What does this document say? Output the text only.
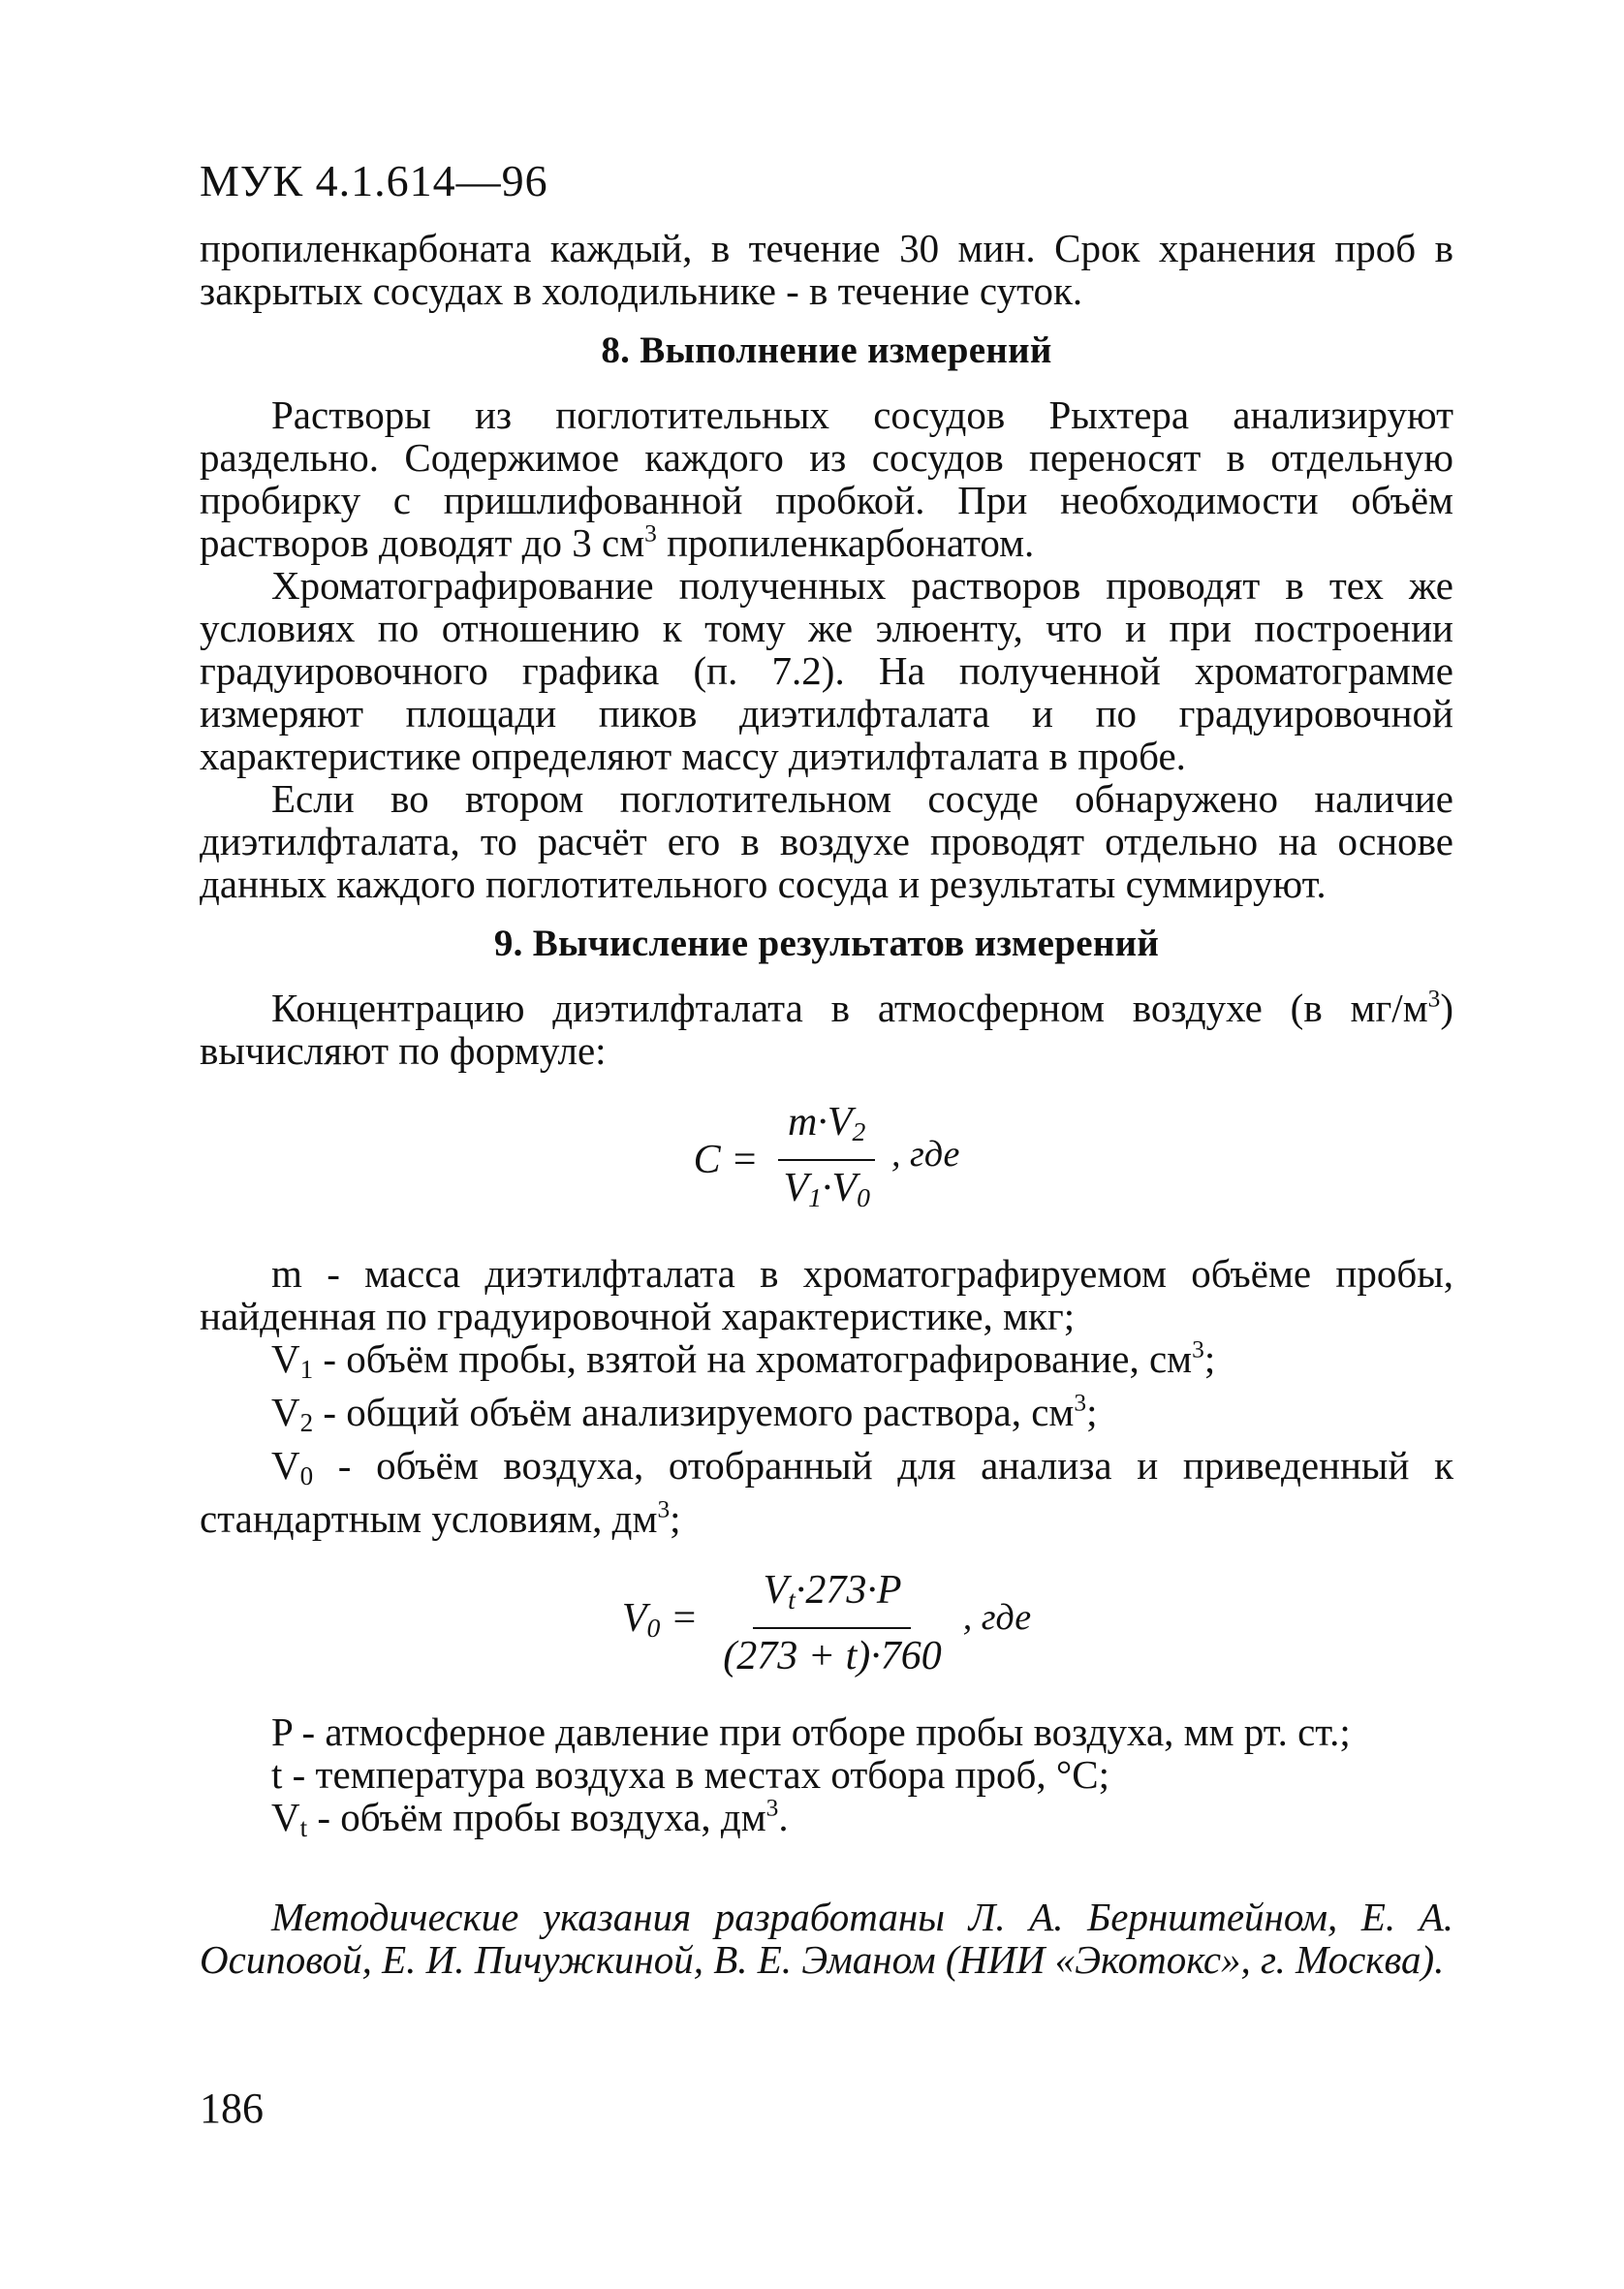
МУК 4.1.614—96

пропиленкарбоната каждый, в течение 30 мин. Срок хранения проб в закрытых сосудах в холодильнике - в течение суток.

8. Выполнение измерений

Растворы из поглотительных сосудов Рыхтера анализируют раздельно. Содержимое каждого из сосудов переносят в отдельную пробирку с пришлифованной пробкой. При необходимости объём растворов доводят до 3 $см^3$ пропиленкарбонатом.

Хроматографирование полученных растворов проводят в тех же условиях по отношению к тому же элюенту, что и при построении градуировочного графика (п. 7.2). На полученной хроматограмме измеряют площади пиков диэтилфталата и по градуировочной характеристике определяют массу диэтилфталата в пробе.

Если во втором поглотительном сосуде обнаружено наличие диэтилфталата, то расчёт его в воздухе проводят отдельно на основе данных каждого поглотительного сосуда и результаты суммируют.

9. Вычисление результатов измерений

Концентрацию диэтилфталата в атмосферном воздухе (в $мг/м^3$) вычисляют по формуле:

$C = \frac{m\cdot V_2}{V_1\cdot V_0}$ , где

m - масса диэтилфталата в хроматографируемом объёме пробы, найденная по градуировочной характеристике, мкг;

$V_1$ - объём пробы, взятой на хроматографирование, $см^3$;

$V_2$ - общий объём анализируемого раствора, $см^3$;

$V_0$ - объём воздуха, отобранный для анализа и приведенный к стандартным условиям, $дм^3$;

$V_0 = \frac{V_t\cdot 273\cdot P}{(273 + t)\cdot 760}$ , где

P - атмосферное давление при отборе пробы воздуха, мм рт. ст.;

t - температура воздуха в местах отбора проб, °С;

$V_t$ - объём пробы воздуха, $дм^3$.

Методические указания разработаны Л. А. Бернштейном, Е. А. Осиповой, Е. И. Пичужкиной, В. Е. Эманом (НИИ «Экотокс», г. Москва).

186
